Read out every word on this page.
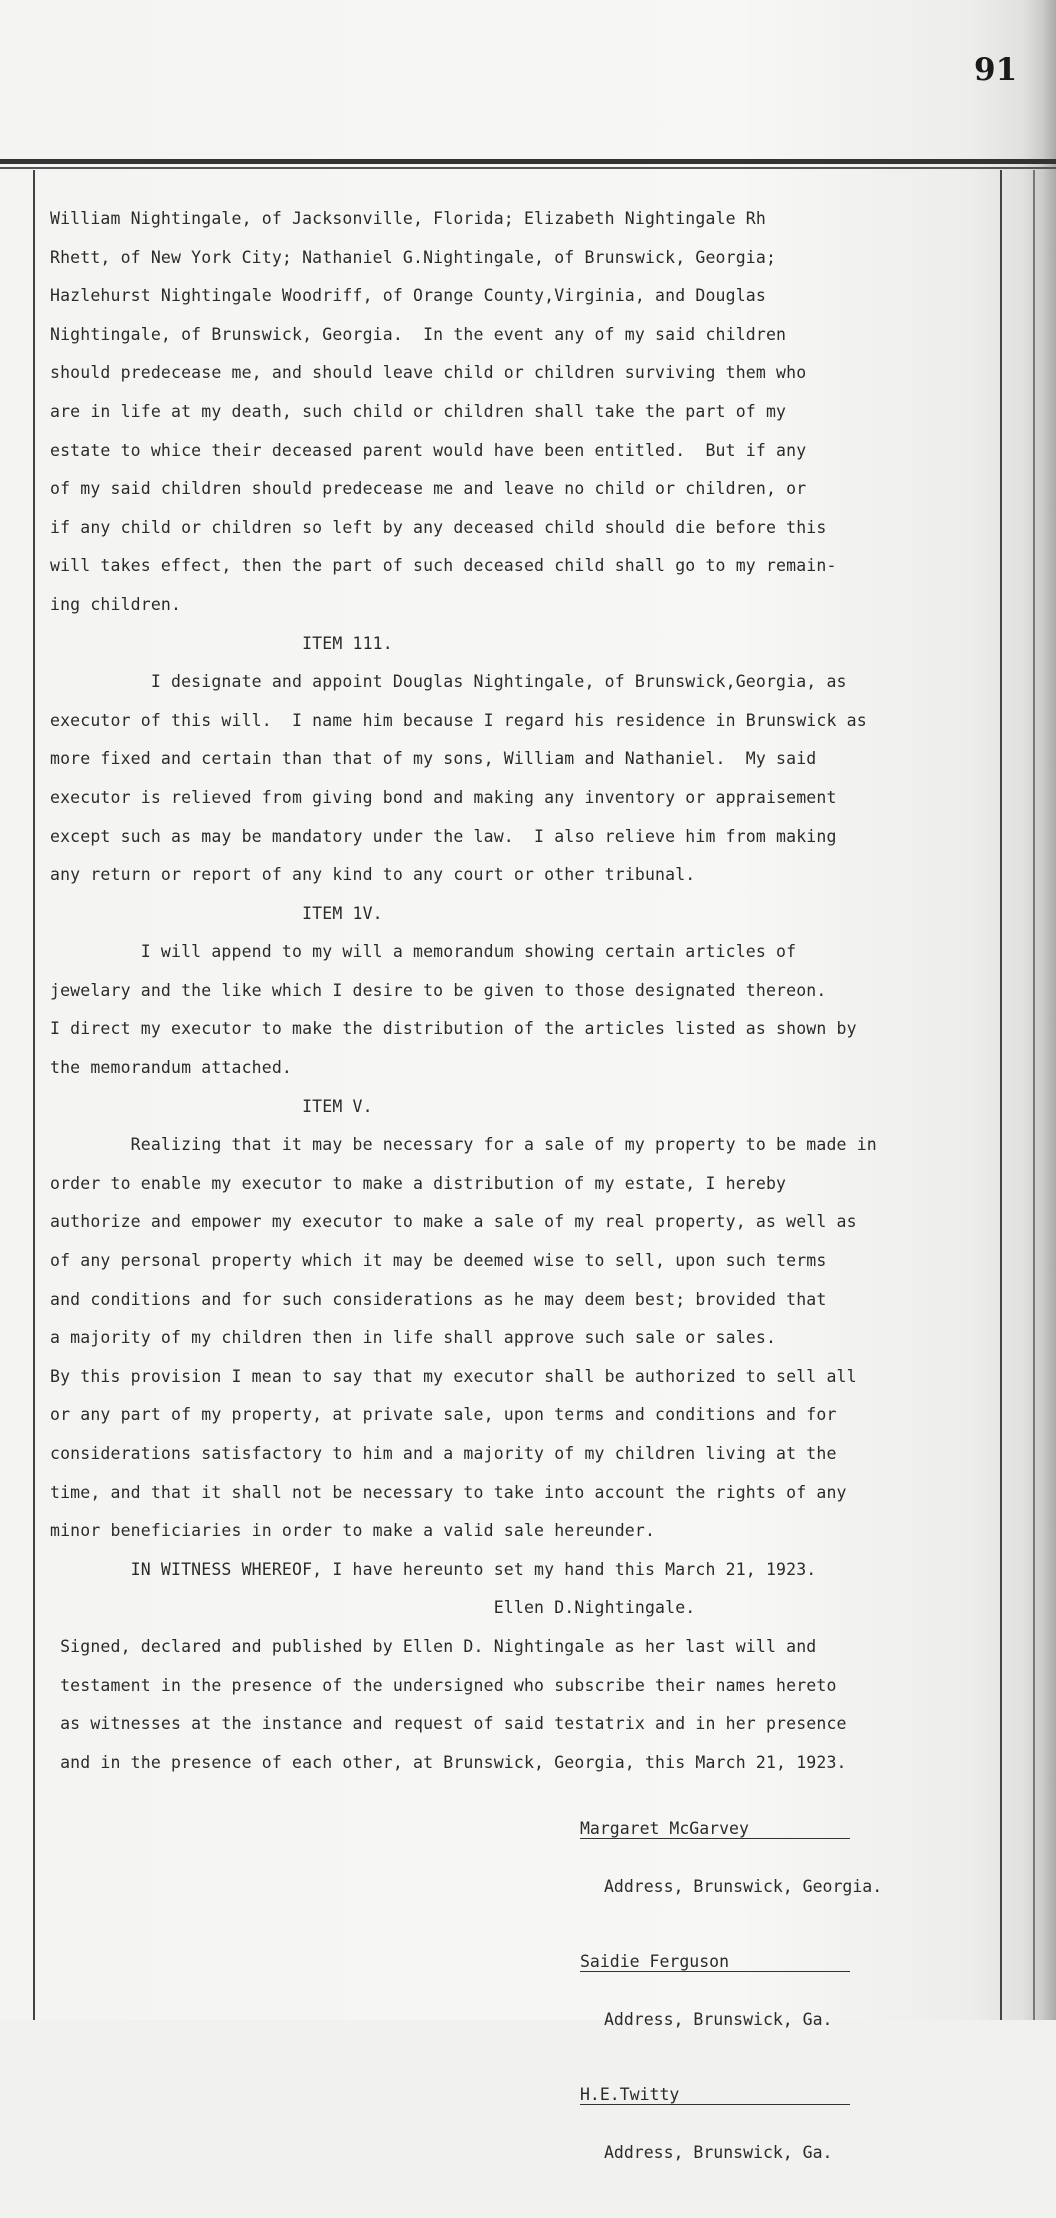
91
William Nightingale, of Jacksonville, Florida; Elizabeth Nightingale Rh
Rhett, of New York City; Nathaniel G.Nightingale, of Brunswick, Georgia;
Hazlehurst Nightingale Woodriff, of Orange County,Virginia, and Douglas
Nightingale, of Brunswick, Georgia.  In the event any of my said children
should predecease me, and should leave child or children surviving them who
are in life at my death, such child or children shall take the part of my
estate to whice their deceased parent would have been entitled.  But if any
of my said children should predecease me and leave no child or children, or
if any child or children so left by any deceased child should die before this
will takes effect, then the part of such deceased child shall go to my remain-
ing children.
ITEM 111.
I designate and appoint Douglas Nightingale, of Brunswick,Georgia, as
executor of this will.  I name him because I regard his residence in Brunswick as
more fixed and certain than that of my sons, William and Nathaniel.  My said
executor is relieved from giving bond and making any inventory or appraisement
except such as may be mandatory under the law.  I also relieve him from making
any return or report of any kind to any court or other tribunal.
ITEM 1V.
I will append to my will a memorandum showing certain articles of
jewelary and the like which I desire to be given to those designated thereon.
I direct my executor to make the distribution of the articles listed as shown by
the memorandum attached.
ITEM V.
Realizing that it may be necessary for a sale of my property to be made in
order to enable my executor to make a distribution of my estate, I hereby
authorize and empower my executor to make a sale of my real property, as well as
of any personal property which it may be deemed wise to sell, upon such terms
and conditions and for such considerations as he may deem best; brovided that
a majority of my children then in life shall approve such sale or sales.
By this provision I mean to say that my executor shall be authorized to sell all
or any part of my property, at private sale, upon terms and conditions and for
considerations satisfactory to him and a majority of my children living at the
time, and that it shall not be necessary to take into account the rights of any
minor beneficiaries in order to make a valid sale hereunder.
IN WITNESS WHEREOF, I have hereunto set my hand this March 21, 1923.
Ellen D.Nightingale.
Signed, declared and published by Ellen D. Nightingale as her last will and
testament in the presence of the undersigned who subscribe their names hereto
as witnesses at the instance and request of said testatrix and in her presence
and in the presence of each other, at Brunswick, Georgia, this March 21, 1923.

Margaret McGarvey

Address, Brunswick, Georgia.

Saidie Ferguson

Address, Brunswick, Ga.

H.E.Twitty

Address, Brunswick, Ga.
